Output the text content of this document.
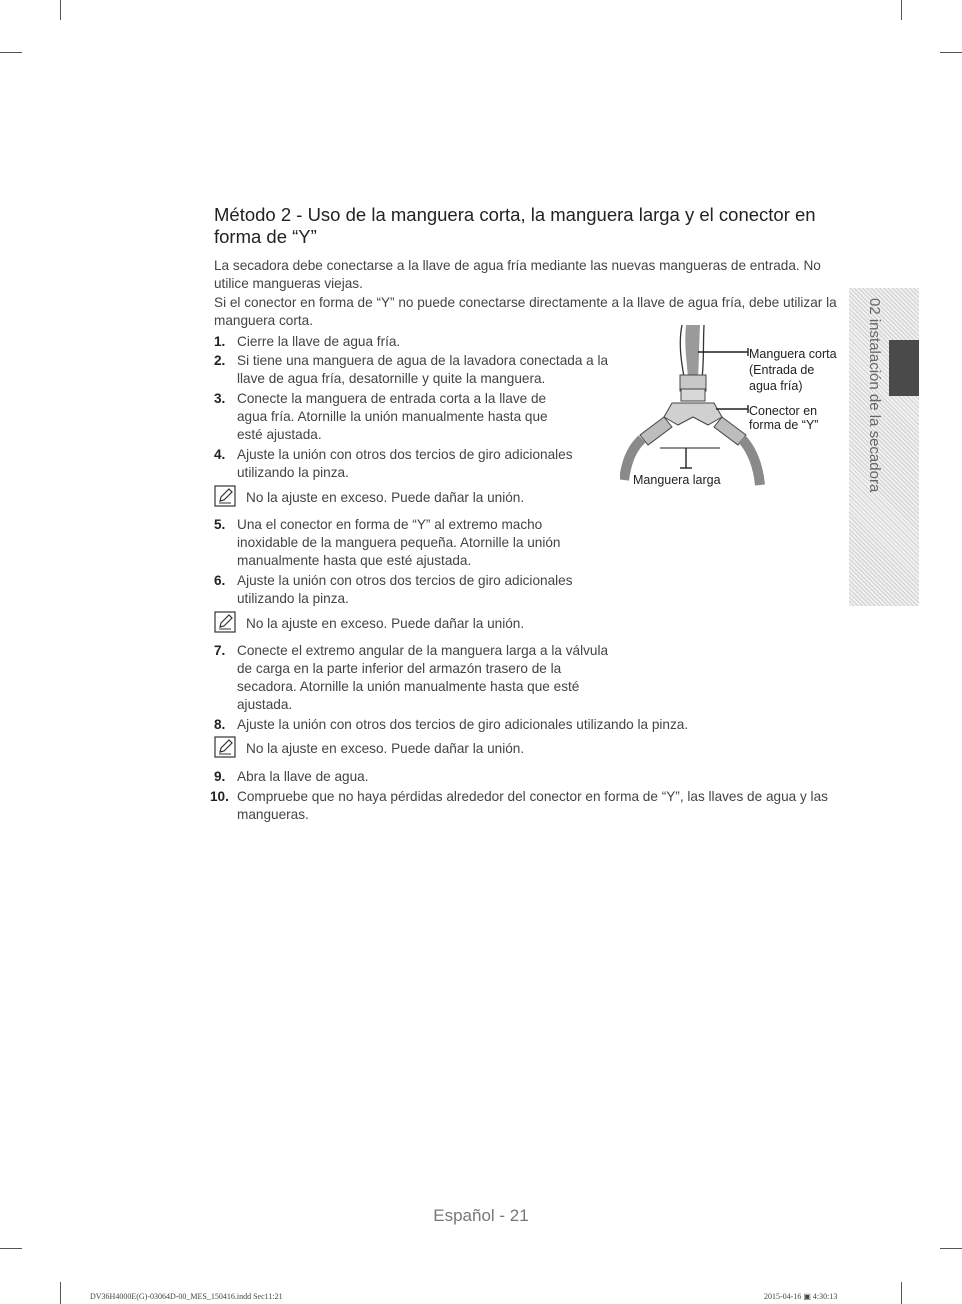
Método 2 - Uso de la manguera corta, la manguera larga y el conector en forma de “Y”
La secadora debe conectarse a la llave de agua fría mediante las nuevas mangueras de entrada. No utilice mangueras viejas.
Si el conector en forma de “Y” no puede conectarse directamente a la llave de agua fría, debe utilizar la manguera corta.
1. Cierre la llave de agua fría.
2. Si tiene una manguera de agua de la lavadora conectada a la llave de agua fría, desatornille y quite la manguera.
3. Conecte la manguera de entrada corta a la llave de agua fría. Atornille la unión manualmente hasta que esté ajustada.
4. Ajuste la unión con otros dos tercios de giro adicionales utilizando la pinza.
No la ajuste en exceso. Puede dañar la unión.
5. Una el conector en forma de “Y” al extremo macho inoxidable de la manguera pequeña. Atornille la unión manualmente hasta que esté ajustada.
6. Ajuste la unión con otros dos tercios de giro adicionales utilizando la pinza.
No la ajuste en exceso. Puede dañar la unión.
7. Conecte el extremo angular de la manguera larga a la válvula de carga en la parte inferior del armazón trasero de la secadora. Atornille la unión manualmente hasta que esté ajustada.
8. Ajuste la unión con otros dos tercios de giro adicionales utilizando la pinza.
No la ajuste en exceso. Puede dañar la unión.
9. Abra la llave de agua.
10. Compruebe que no haya pérdidas alrededor del conector en forma de “Y”, las llaves de agua y las mangueras.
Manguera corta
(Entrada de
agua fría)
Conector en
forma de “Y”
Manguera larga	02 instalación de la secadora
Español - 21
DV36H4000E(G)-03064D-00_MES_150416.indd Sec11:21	2015-04-16 ▣ 4:30:13
